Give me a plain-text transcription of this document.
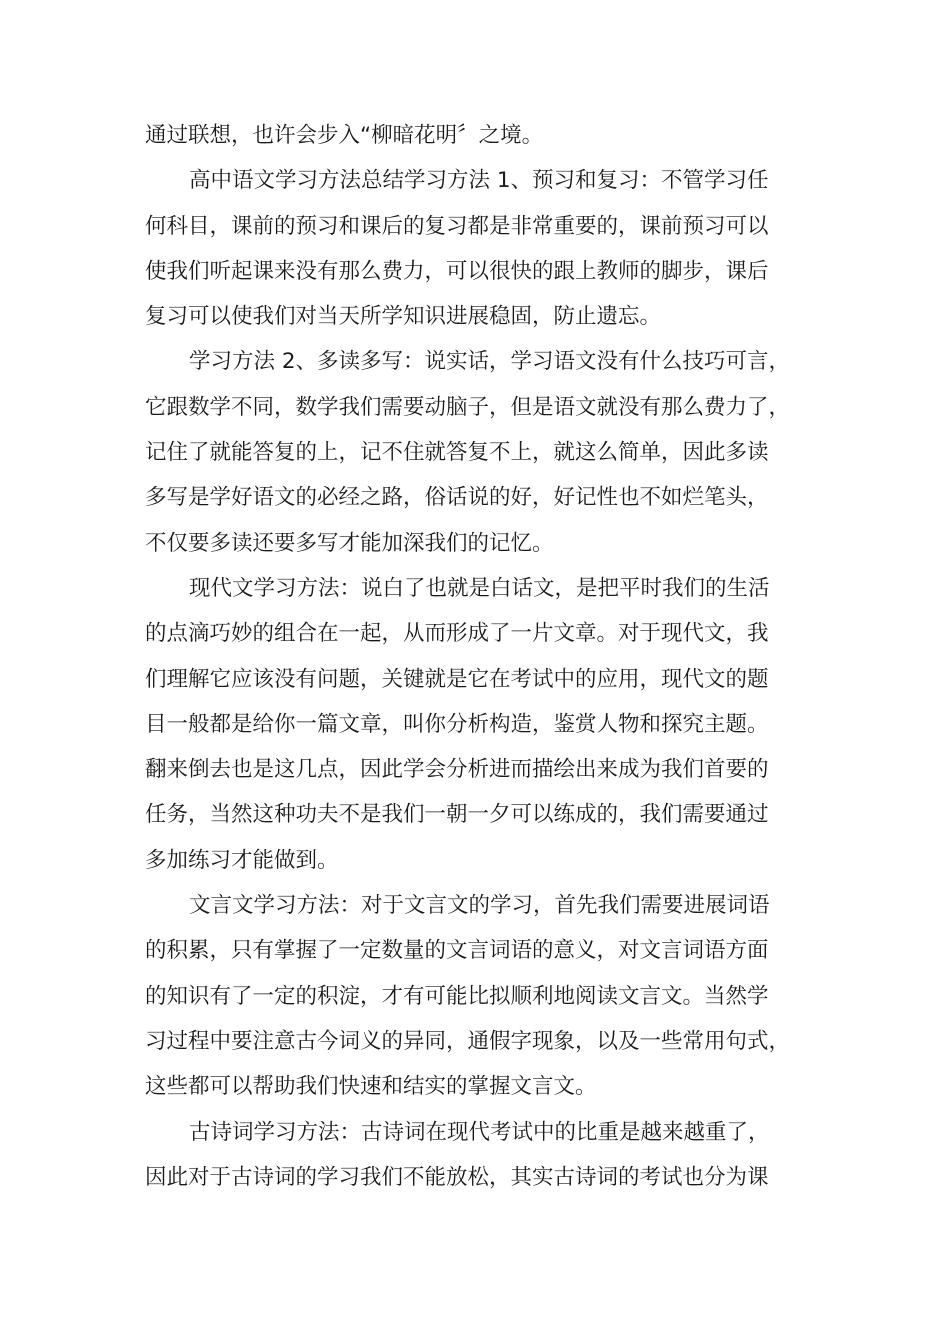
通过联想，也许会步入“柳暗花明〞之境。
高中语文学习方法总结学习方法 1、预习和复习：不管学习任
何科目，课前的预习和课后的复习都是非常重要的，课前预习可以
使我们听起课来没有那么费力，可以很快的跟上教师的脚步，课后
复习可以使我们对当天所学知识进展稳固，防止遗忘。
学习方法 2、多读多写：说实话，学习语文没有什么技巧可言，
它跟数学不同，数学我们需要动脑子，但是语文就没有那么费力了，
记住了就能答复的上，记不住就答复不上，就这么简单，因此多读
多写是学好语文的必经之路，俗话说的好，好记性也不如烂笔头，
不仅要多读还要多写才能加深我们的记忆。
现代文学习方法：说白了也就是白话文，是把平时我们的生活
的点滴巧妙的组合在一起，从而形成了一片文章。对于现代文，我
们理解它应该没有问题，关键就是它在考试中的应用，现代文的题
目一般都是给你一篇文章，叫你分析构造，鉴赏人物和探究主题。
翻来倒去也是这几点，因此学会分析进而描绘出来成为我们首要的
任务，当然这种功夫不是我们一朝一夕可以练成的，我们需要通过
多加练习才能做到。
文言文学习方法：对于文言文的学习，首先我们需要进展词语
的积累，只有掌握了一定数量的文言词语的意义，对文言词语方面
的知识有了一定的积淀，才有可能比拟顺利地阅读文言文。当然学
习过程中要注意古今词义的异同，通假字现象，以及一些常用句式，
这些都可以帮助我们快速和结实的掌握文言文。
古诗词学习方法：古诗词在现代考试中的比重是越来越重了，
因此对于古诗词的学习我们不能放松，其实古诗词的考试也分为课
